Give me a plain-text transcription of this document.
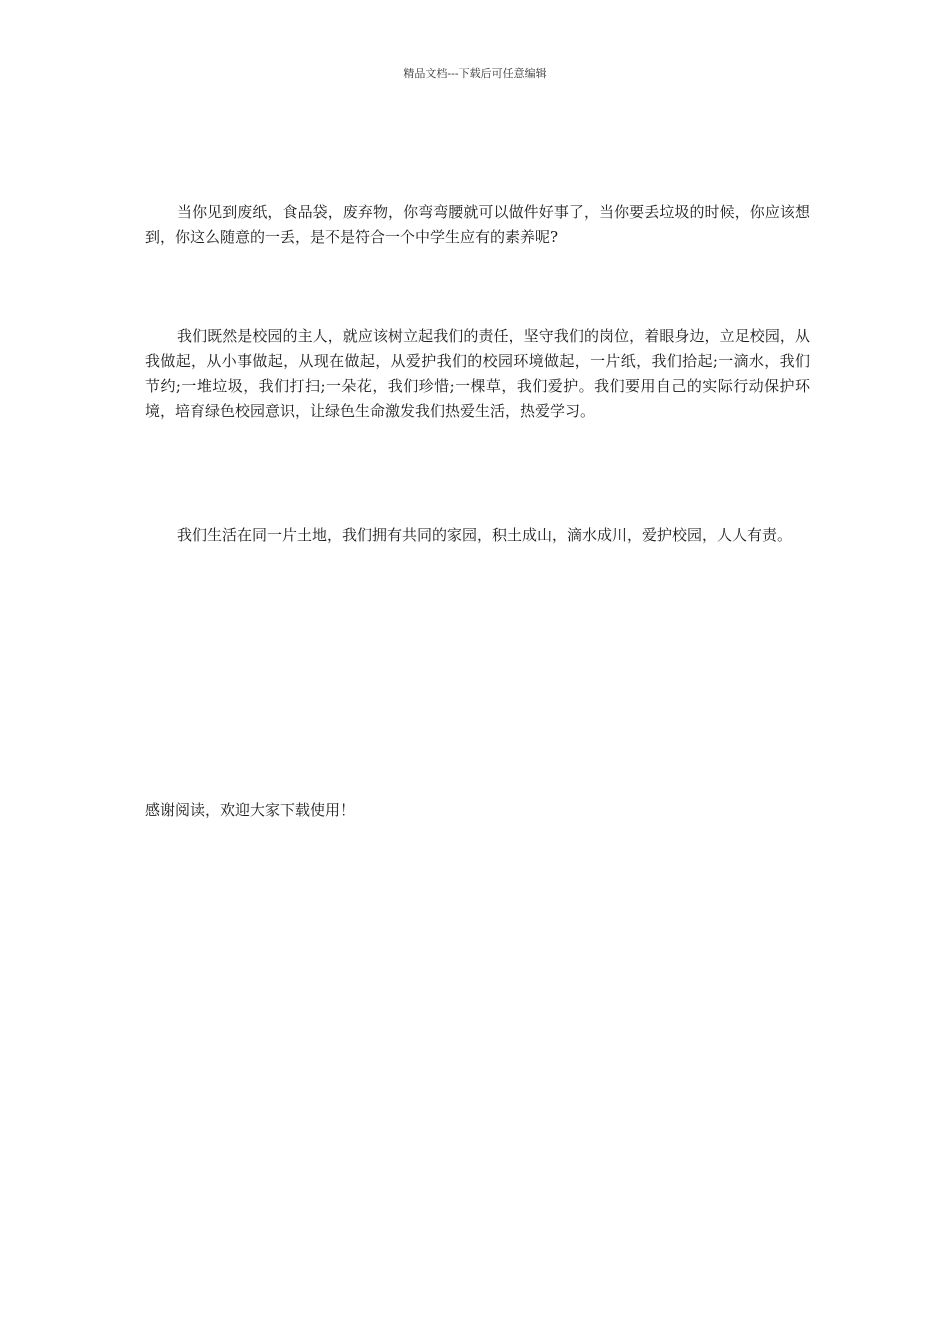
精品文档---下载后可任意编辑

当你见到废纸，食品袋，废弃物，你弯弯腰就可以做件好事了，当你要丢垃圾的时候，你应该想到，你这么随意的一丢，是不是符合一个中学生应有的素养呢?

我们既然是校园的主人，就应该树立起我们的责任，坚守我们的岗位，着眼身边，立足校园，从我做起，从小事做起，从现在做起，从爱护我们的校园环境做起，一片纸，我们拾起;一滴水，我们节约;一堆垃圾，我们打扫;一朵花，我们珍惜;一棵草，我们爱护。我们要用自己的实际行动保护环境，培育绿色校园意识，让绿色生命激发我们热爱生活，热爱学习。

我们生活在同一片土地，我们拥有共同的家园，积土成山，滴水成川，爱护校园，人人有责。

感谢阅读，欢迎大家下载使用！
